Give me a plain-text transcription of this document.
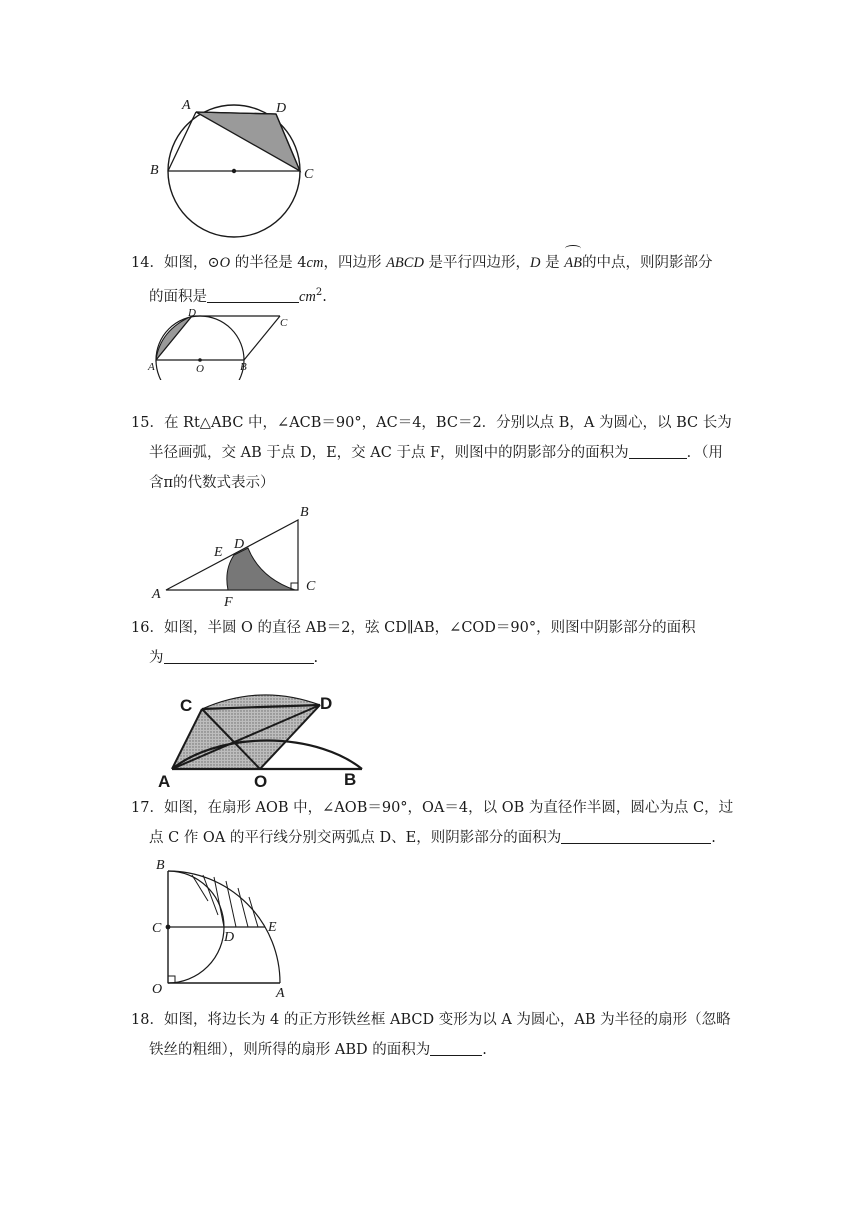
A	D
B	C
14．如图，⊙O 的半径是 4cm，四边形 ABCD 是平行四边形，D 是 AB的中点，则阴影部分
的面积是	$cm^2$.
D
C
A	O	B
15．在 Rt△ABC 中，∠ACB＝90°，AC＝4，BC＝2．分别以点 B，A 为圆心，以 BC 长为
半径画弧，交 AB 于点 D，E，交 AC 于点 F，则图中的阴影部分的面积为	．（用
含π的代数式表示）
B
D
E
C
A
F
16．如图，半圆 O 的直径 AB＝2，弦 CD∥AB，∠COD＝90°，则图中阴影部分的面积
为	.
C	D
A	O	B
17．如图，在扇形 AOB 中，∠AOB＝90°，OA＝4，以 OB 为直径作半圆，圆心为点 C，过
点 C 作 OA 的平行线分别交两弧点 D、E，则阴影部分的面积为	.
B
C
D
E
O	A
18．如图，将边长为 4 的正方形铁丝框 ABCD 变形为以 A 为圆心，AB 为半径的扇形（忽略
铁丝的粗细），则所得的扇形 ABD 的面积为	.
